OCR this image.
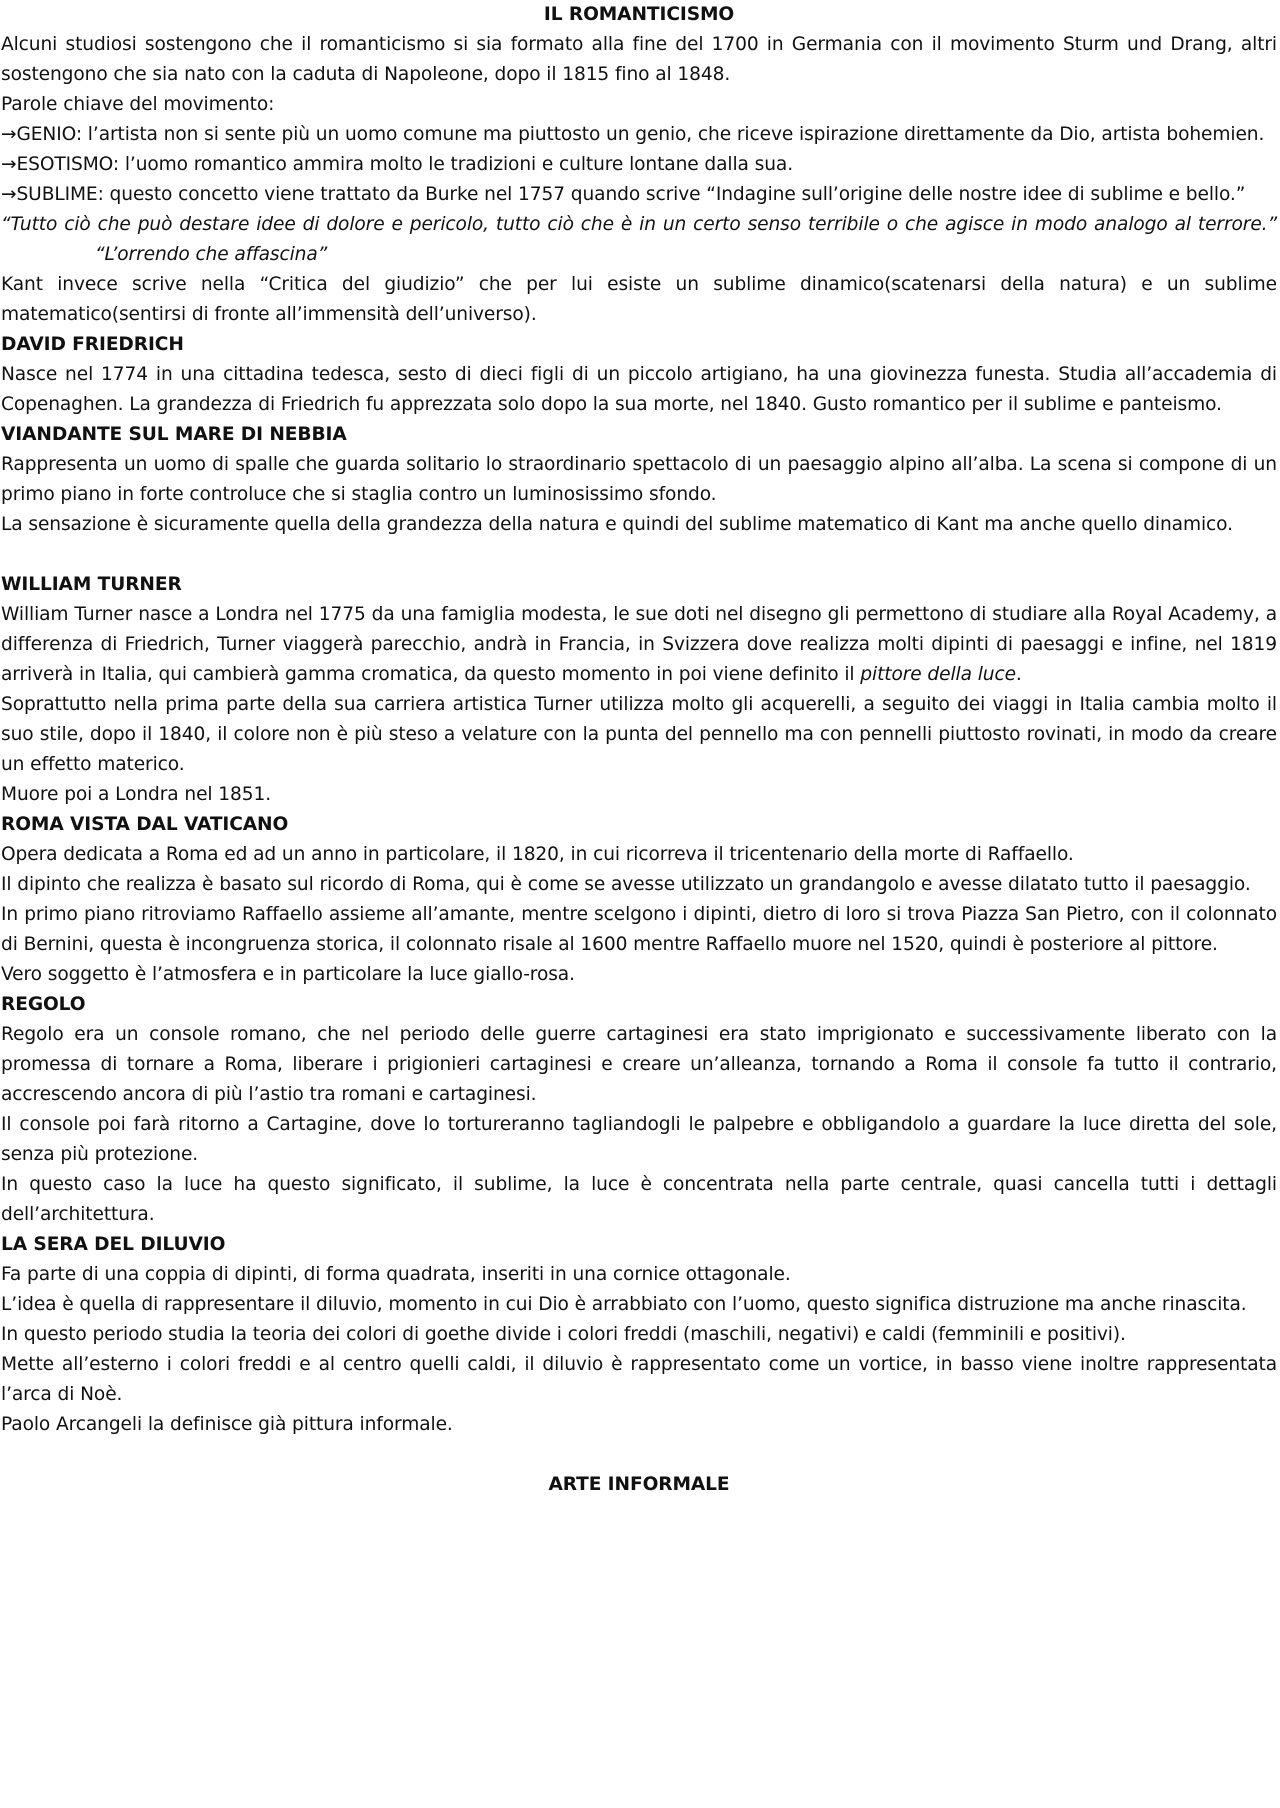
IL ROMANTICISMO

Alcuni studiosi sostengono che il romanticismo si sia formato alla fine del 1700 in Germania con il movimento Sturm und Drang, altri sostengono che sia nato con la caduta di Napoleone, dopo il 1815 fino al 1848.

Parole chiave del movimento:

→GENIO: l’artista non si sente più un uomo comune ma piuttosto un genio, che riceve ispirazione direttamente da Dio, artista bohemien.

→ESOTISMO: l’uomo romantico ammira molto le tradizioni e culture lontane dalla sua.

→SUBLIME: questo concetto viene trattato da Burke nel 1757 quando scrive “Indagine sull’origine delle nostre idee di sublime e bello.”

“Tutto ciò che può destare idee di dolore e pericolo, tutto ciò che è in un certo senso terribile o che agisce in modo analogo al terrore.”“L’orrendo che affascina”

Kant invece scrive nella “Critica del giudizio” che per lui esiste un sublime dinamico(scatenarsi della natura) e un sublime matematico(sentirsi di fronte all’immensità dell’universo).

DAVID FRIEDRICH

Nasce nel 1774 in una cittadina tedesca, sesto di dieci figli di un piccolo artigiano, ha una giovinezza funesta. Studia all’accademia di Copenaghen. La grandezza di Friedrich fu apprezzata solo dopo la sua morte, nel 1840. Gusto romantico per il sublime e panteismo.

VIANDANTE SUL MARE DI NEBBIA

Rappresenta un uomo di spalle che guarda solitario lo straordinario spettacolo di un paesaggio alpino all’alba. La scena si compone di un primo piano in forte controluce che si staglia contro un luminosissimo sfondo.

La sensazione è sicuramente quella della grandezza della natura e quindi del sublime matematico di Kant ma anche quello dinamico.

WILLIAM TURNER

William Turner nasce a Londra nel 1775 da una famiglia modesta, le sue doti nel disegno gli permettono di studiare alla Royal Academy, a differenza di Friedrich, Turner viaggerà parecchio, andrà in Francia, in Svizzera dove realizza molti dipinti di paesaggi e infine, nel 1819 arriverà in Italia, qui cambierà gamma cromatica, da questo momento in poi viene definito il pittore della luce.

Soprattutto nella prima parte della sua carriera artistica Turner utilizza molto gli acquerelli, a seguito dei viaggi in Italia cambia molto il suo stile, dopo il 1840, il colore non è più steso a velature con la punta del pennello ma con pennelli piuttosto rovinati, in modo da creare un effetto materico.

Muore poi a Londra nel 1851.

ROMA VISTA DAL VATICANO

Opera dedicata a Roma ed ad un anno in particolare, il 1820, in cui ricorreva il tricentenario della morte di Raffaello.

Il dipinto che realizza è basato sul ricordo di Roma, qui è come se avesse utilizzato un grandangolo e avesse dilatato tutto il paesaggio.

In primo piano ritroviamo Raffaello assieme all’amante, mentre scelgono i dipinti, dietro di loro si trova Piazza San Pietro, con il colonnato di Bernini, questa è incongruenza storica, il colonnato risale al 1600 mentre Raffaello muore nel 1520, quindi è posteriore al pittore.

Vero soggetto è l’atmosfera e in particolare la luce giallo-rosa.

REGOLO

Regolo era un console romano, che nel periodo delle guerre cartaginesi era stato imprigionato e successivamente liberato con la promessa di tornare a Roma, liberare i prigionieri cartaginesi e creare un’alleanza, tornando a Roma il console fa tutto il contrario, accrescendo ancora di più l’astio tra romani e cartaginesi.

Il console poi farà ritorno a Cartagine, dove lo tortureranno tagliandogli le palpebre e obbligandolo a guardare la luce diretta del sole, senza più protezione.

In questo caso la luce ha questo significato, il sublime, la luce è concentrata nella parte centrale, quasi cancella tutti i dettagli dell’architettura.

LA SERA DEL DILUVIO

Fa parte di una coppia di dipinti, di forma quadrata, inseriti in una cornice ottagonale.

L’idea è quella di rappresentare il diluvio, momento in cui Dio è arrabbiato con l’uomo, questo significa distruzione ma anche rinascita.

In questo periodo studia la teoria dei colori di goethe divide i colori freddi (maschili, negativi) e caldi (femminili e positivi).

Mette all’esterno i colori freddi e al centro quelli caldi, il diluvio è rappresentato come un vortice, in basso viene inoltre rappresentata l’arca di Noè.

Paolo Arcangeli la definisce già pittura informale.

ARTE INFORMALE
